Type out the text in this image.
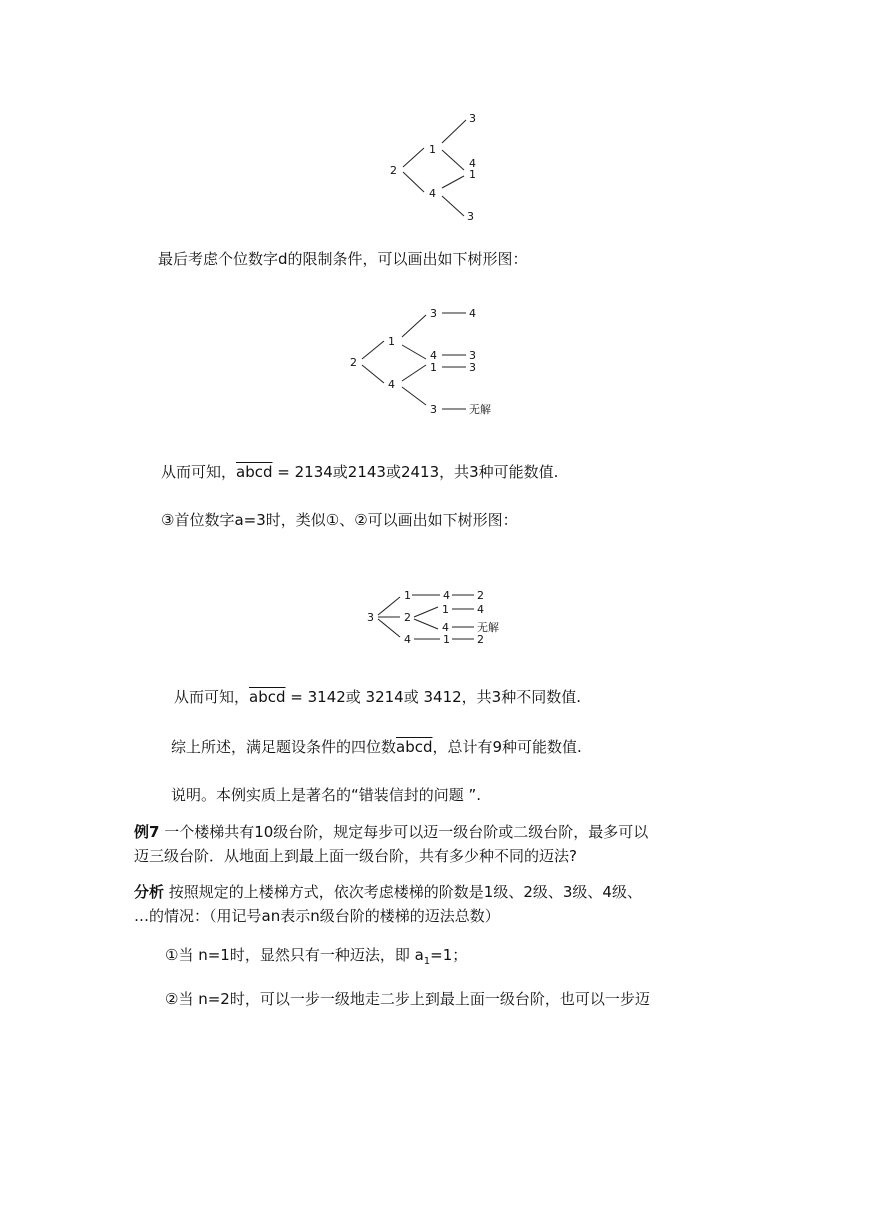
2
1
4
3
4
1
3
最后考虑个位数字d的限制条件，可以画出如下树形图：
2
1
4
3
4
1
3
4
3
3
无解
从而可知，abcd = 2134或2143或2413，共3种可能数值.
③首位数字a=3时，类似①、②可以画出如下树形图：
3
1
2
4
4 2
1	4
4	无解
1 2
从而可知，abcd = 3142或 3214或 3412，共3种不同数值.
综上所述，满足题设条件的四位数abcd，总计有9种可能数值.
说明。本例实质上是著名的“错装信封的问题 ”.
例7 一个楼梯共有10级台阶，规定每步可以迈一级台阶或二级台阶，最多可以
迈三级台阶．从地面上到最上面一级台阶，共有多少种不同的迈法?
分析 按照规定的上楼梯方式，依次考虑楼梯的阶数是1级、2级、3级、4级、
…的情况：（用记号an表示n级台阶的楼梯的迈法总数）
①当 n=1时，显然只有一种迈法，即 $a_1=1$；
②当 n=2时，可以一步一级地走二步上到最上面一级台阶，也可以一步迈
